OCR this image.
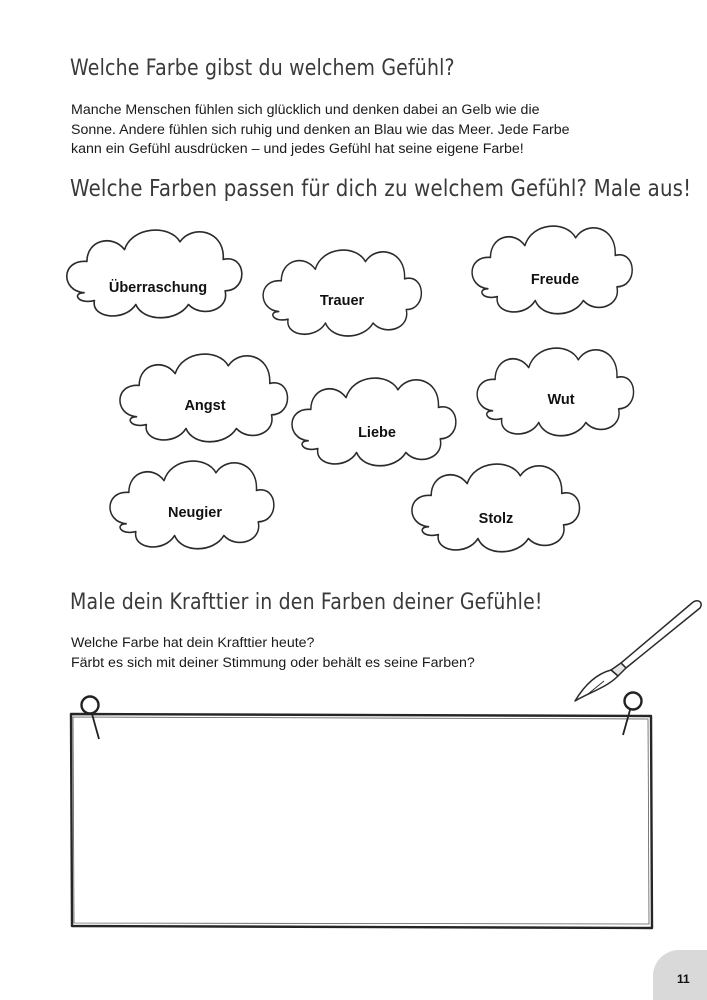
Welche Farbe gibst du welchem Gefühl?

Manche Menschen fühlen sich glücklich und denken dabei an Gelb wie die
Sonne. Andere fühlen sich ruhig und denken an Blau wie das Meer. Jede Farbe
kann ein Gefühl ausdrücken – und jedes Gefühl hat seine eigene Farbe!

Welche Farben passen für dich zu welchem Gefühl? Male aus!
Überraschung
Trauer
Freude
Angst
Liebe
Wut
Neugier	Stolz
Male dein Krafttier in den Farben deiner Gefühle!

Welche Farbe hat dein Krafttier heute?
Färbt es sich mit deiner Stimmung oder behält es seine Farben?

11
